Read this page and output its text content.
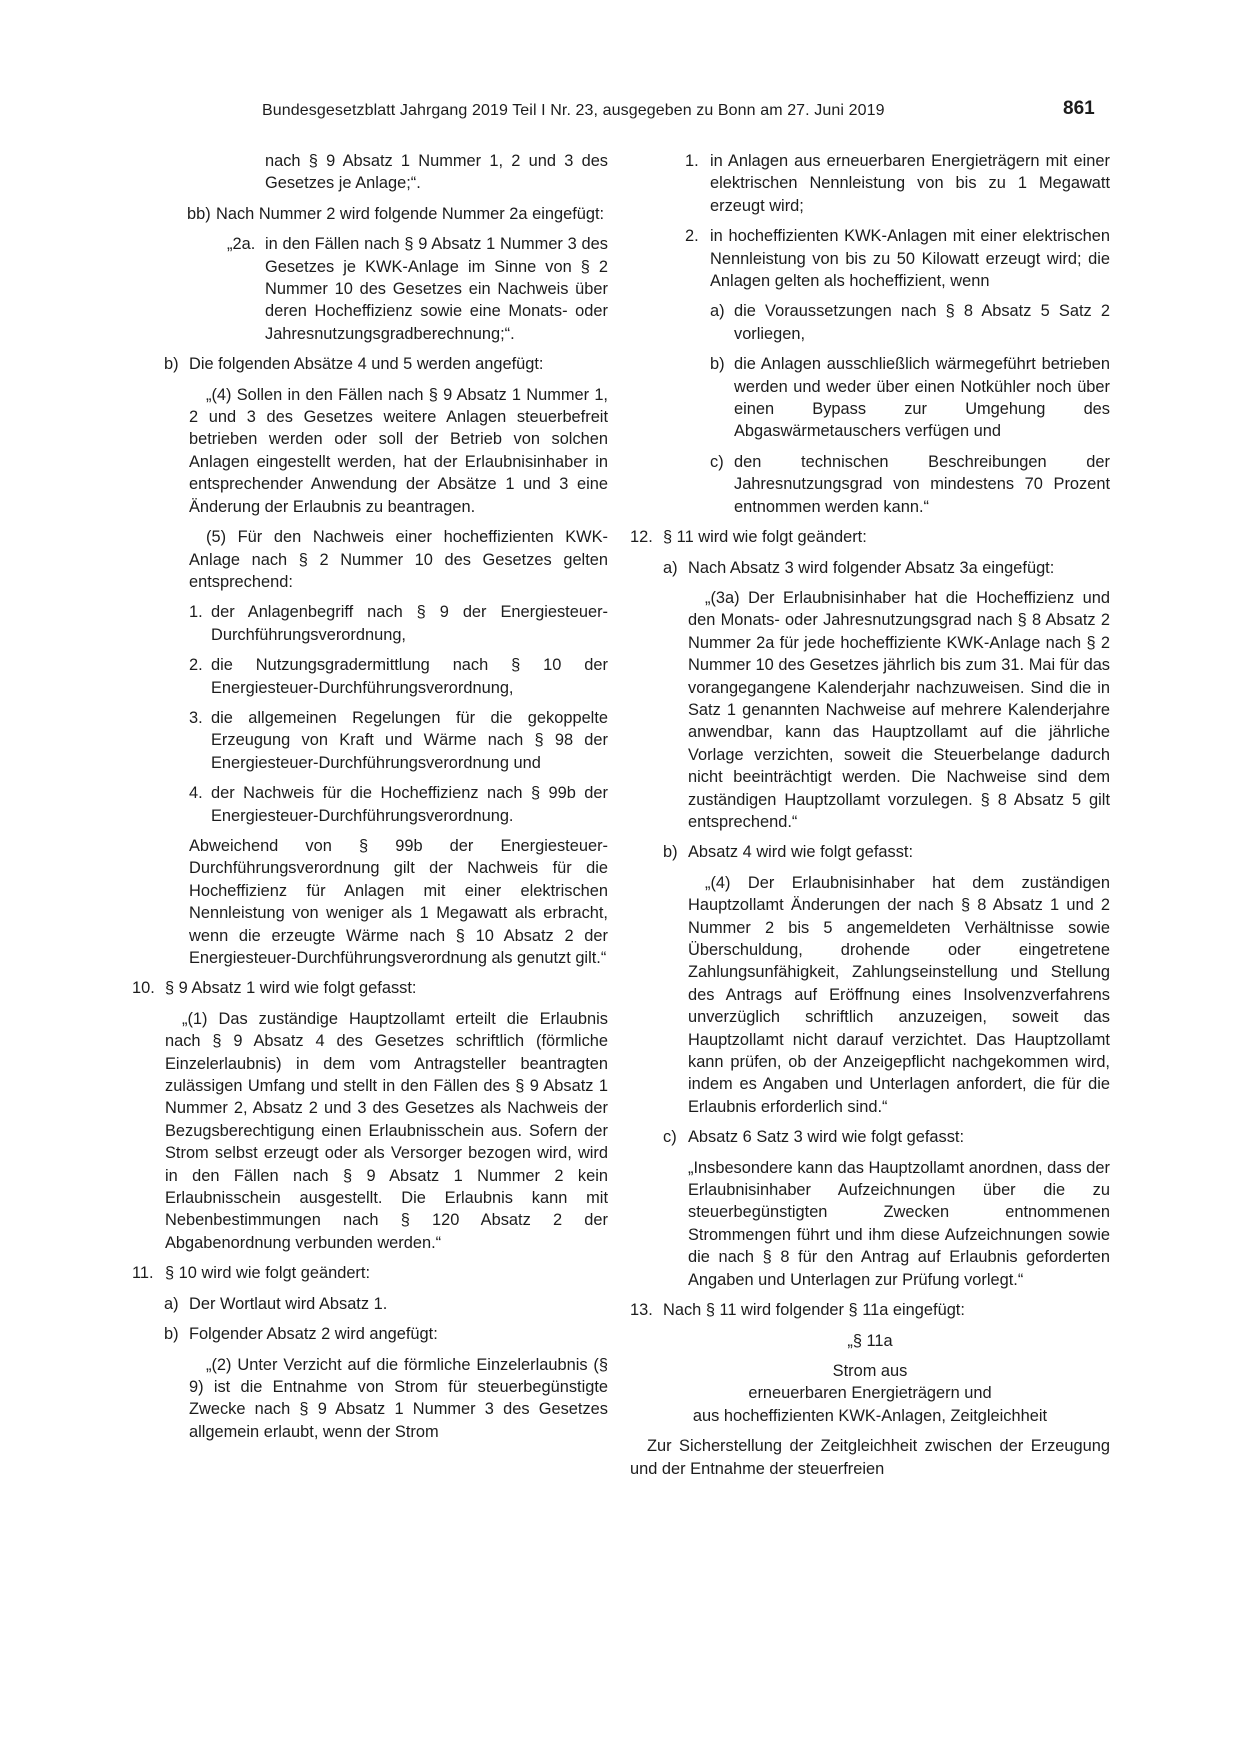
Bundesgesetzblatt Jahrgang 2019 Teil I Nr. 23, ausgegeben zu Bonn am 27. Juni 2019	861
nach § 9 Absatz 1 Nummer 1, 2 und 3 des Gesetzes je Anlage;“.
bb) Nach Nummer 2 wird folgende Nummer 2a eingefügt:
„2a. in den Fällen nach § 9 Absatz 1 Nummer 3 des Gesetzes je KWK-Anlage im Sinne von § 2 Nummer 10 des Gesetzes ein Nachweis über deren Hocheffizienz sowie eine Monats- oder Jahresnutzungsgradberechnung;“.
b) Die folgenden Absätze 4 und 5 werden angefügt:
„(4) Sollen in den Fällen nach § 9 Absatz 1 Nummer 1, 2 und 3 des Gesetzes weitere Anlagen steuerbefreit betrieben werden oder soll der Betrieb von solchen Anlagen eingestellt werden, hat der Erlaubnisinhaber in entsprechender Anwendung der Absätze 1 und 3 eine Änderung der Erlaubnis zu beantragen.
(5) Für den Nachweis einer hocheffizienten KWK-Anlage nach § 2 Nummer 10 des Gesetzes gelten entsprechend:
1. der Anlagenbegriff nach § 9 der Energiesteuer-Durchführungsverordnung,
2. die Nutzungsgradermittlung nach § 10 der Energiesteuer-Durchführungsverordnung,
3. die allgemeinen Regelungen für die gekoppelte Erzeugung von Kraft und Wärme nach § 98 der Energiesteuer-Durchführungsverordnung und
4. der Nachweis für die Hocheffizienz nach § 99b der Energiesteuer-Durchführungsverordnung.
Abweichend von § 99b der Energiesteuer-Durchführungsverordnung gilt der Nachweis für die Hocheffizienz für Anlagen mit einer elektrischen Nennleistung von weniger als 1 Megawatt als erbracht, wenn die erzeugte Wärme nach § 10 Absatz 2 der Energiesteuer-Durchführungsverordnung als genutzt gilt.“
10. § 9 Absatz 1 wird wie folgt gefasst:
„(1) Das zuständige Hauptzollamt erteilt die Erlaubnis nach § 9 Absatz 4 des Gesetzes schriftlich (förmliche Einzelerlaubnis) in dem vom Antragsteller beantragten zulässigen Umfang und stellt in den Fällen des § 9 Absatz 1 Nummer 2, Absatz 2 und 3 des Gesetzes als Nachweis der Bezugsberechtigung einen Erlaubnisschein aus. Sofern der Strom selbst erzeugt oder als Versorger bezogen wird, wird in den Fällen nach § 9 Absatz 1 Nummer 2 kein Erlaubnisschein ausgestellt. Die Erlaubnis kann mit Nebenbestimmungen nach § 120 Absatz 2 der Abgabenordnung verbunden werden.“
11. § 10 wird wie folgt geändert:
a) Der Wortlaut wird Absatz 1.
b) Folgender Absatz 2 wird angefügt:
„(2) Unter Verzicht auf die förmliche Einzelerlaubnis (§ 9) ist die Entnahme von Strom für steuerbegünstigte Zwecke nach § 9 Absatz 1 Nummer 3 des Gesetzes allgemein erlaubt, wenn der Strom
1. in Anlagen aus erneuerbaren Energieträgern mit einer elektrischen Nennleistung von bis zu 1 Megawatt erzeugt wird;
2. in hocheffizienten KWK-Anlagen mit einer elektrischen Nennleistung von bis zu 50 Kilowatt erzeugt wird; die Anlagen gelten als hocheffizient, wenn
a) die Voraussetzungen nach § 8 Absatz 5 Satz 2 vorliegen,
b) die Anlagen ausschließlich wärmegeführt betrieben werden und weder über einen Notkühler noch über einen Bypass zur Umgehung des Abgaswärmetauschers verfügen und
c) den technischen Beschreibungen der Jahresnutzungsgrad von mindestens 70 Prozent entnommen werden kann.“
12. § 11 wird wie folgt geändert:
a) Nach Absatz 3 wird folgender Absatz 3a eingefügt:
„(3a) Der Erlaubnisinhaber hat die Hocheffizienz und den Monats- oder Jahresnutzungsgrad nach § 8 Absatz 2 Nummer 2a für jede hocheffiziente KWK-Anlage nach § 2 Nummer 10 des Gesetzes jährlich bis zum 31. Mai für das vorangegangene Kalenderjahr nachzuweisen. Sind die in Satz 1 genannten Nachweise auf mehrere Kalenderjahre anwendbar, kann das Hauptzollamt auf die jährliche Vorlage verzichten, soweit die Steuerbelange dadurch nicht beeinträchtigt werden. Die Nachweise sind dem zuständigen Hauptzollamt vorzulegen. § 8 Absatz 5 gilt entsprechend.“
b) Absatz 4 wird wie folgt gefasst:
„(4) Der Erlaubnisinhaber hat dem zuständigen Hauptzollamt Änderungen der nach § 8 Absatz 1 und 2 Nummer 2 bis 5 angemeldeten Verhältnisse sowie Überschuldung, drohende oder eingetretene Zahlungsunfähigkeit, Zahlungseinstellung und Stellung des Antrags auf Eröffnung eines Insolvenzverfahrens unverzüglich schriftlich anzuzeigen, soweit das Hauptzollamt nicht darauf verzichtet. Das Hauptzollamt kann prüfen, ob der Anzeigepflicht nachgekommen wird, indem es Angaben und Unterlagen anfordert, die für die Erlaubnis erforderlich sind.“
c) Absatz 6 Satz 3 wird wie folgt gefasst:
„Insbesondere kann das Hauptzollamt anordnen, dass der Erlaubnisinhaber Aufzeichnungen über die zu steuerbegünstigten Zwecken entnommenen Strommengen führt und ihm diese Aufzeichnungen sowie die nach § 8 für den Antrag auf Erlaubnis geforderten Angaben und Unterlagen zur Prüfung vorlegt.“
13. Nach § 11 wird folgender § 11a eingefügt:
„§ 11a
Strom aus
erneuerbaren Energieträgern und
aus hocheffizienten KWK-Anlagen, Zeitgleichheit
Zur Sicherstellung der Zeitgleichheit zwischen der Erzeugung und der Entnahme der steuerfreien
